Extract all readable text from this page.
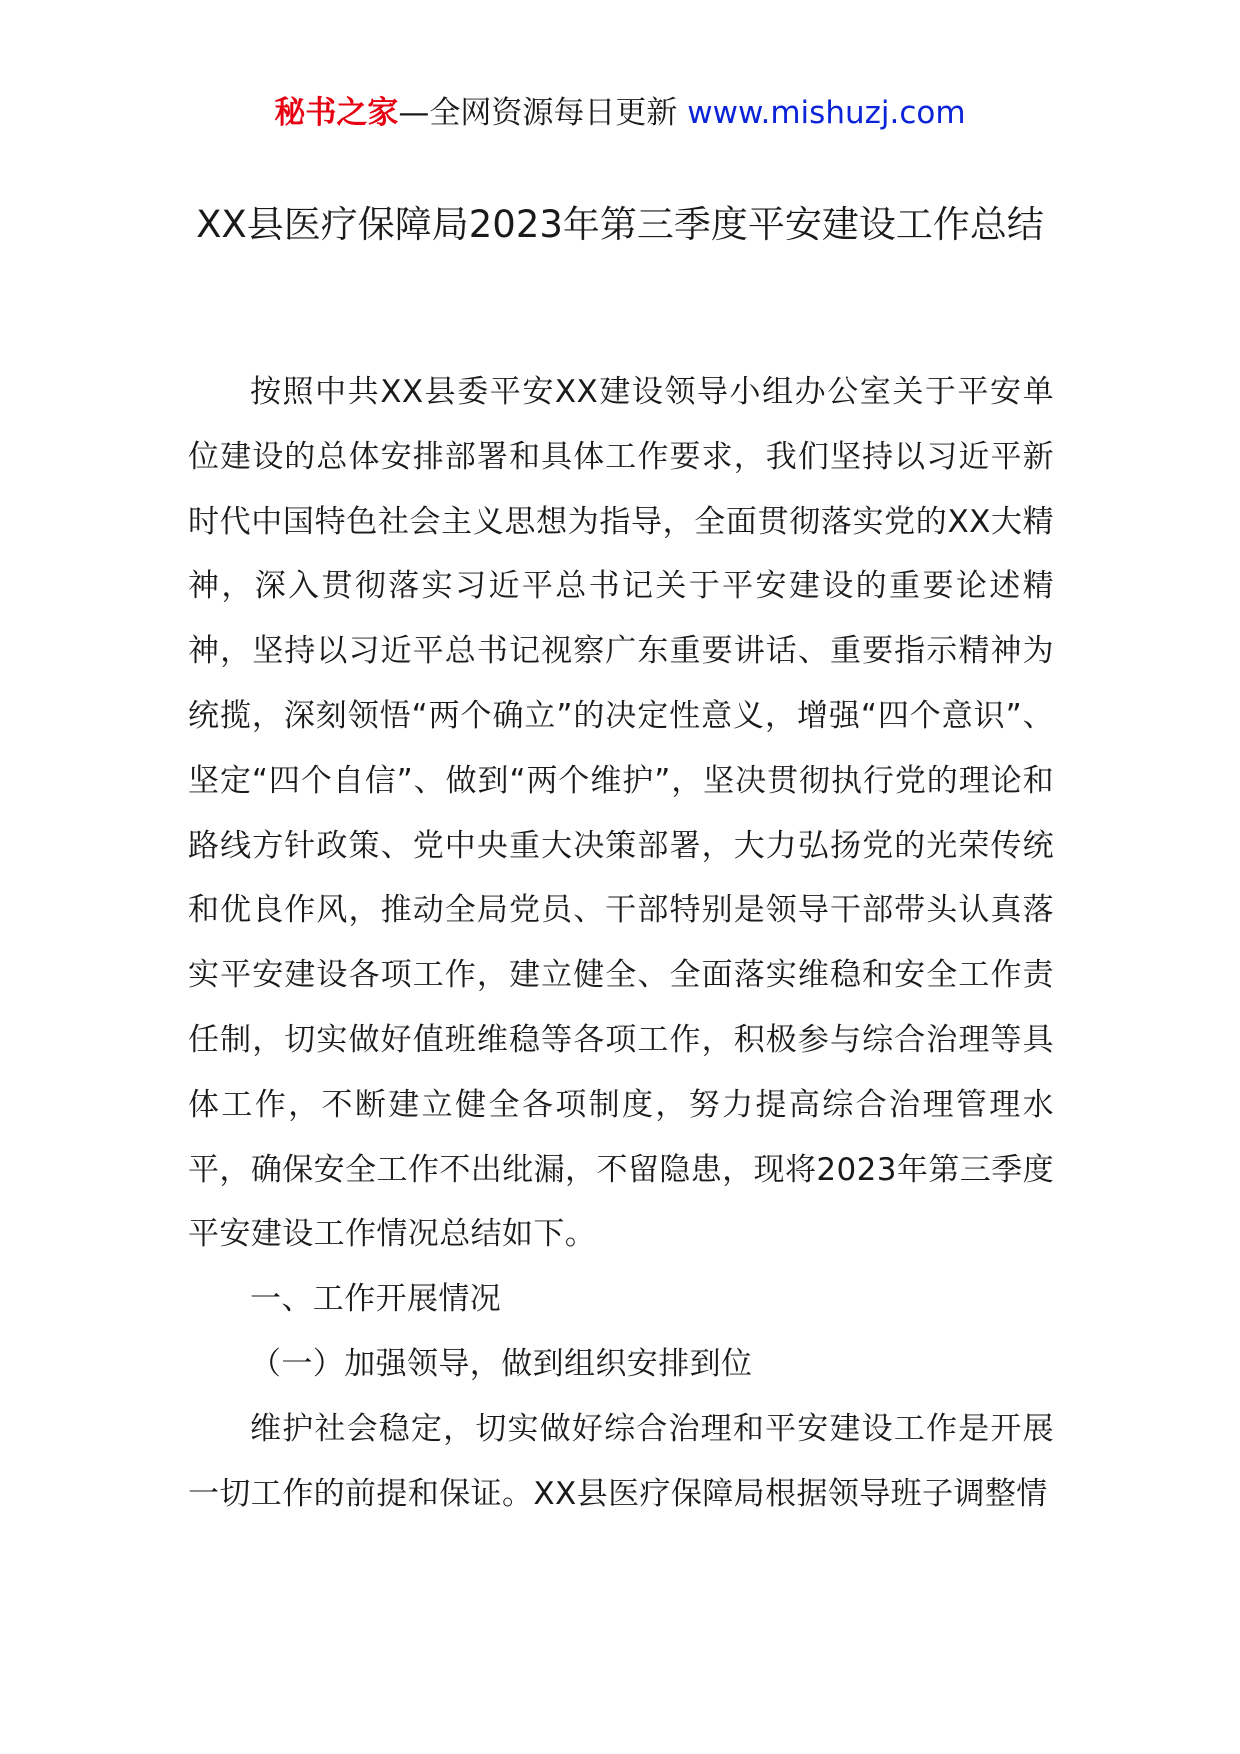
秘书之家—全网资源每日更新 www.mishuzj.com
XX县医疗保障局2023年第三季度平安建设工作总结

按照中共XX县委平安XX建设领导小组办公室关于平安单位建设的总体安排部署和具体工作要求，我们坚持以习近平新时代中国特色社会主义思想为指导，全面贯彻落实党的XX大精神，深入贯彻落实习近平总书记关于平安建设的重要论述精神，坚持以习近平总书记视察广东重要讲话、重要指示精神为统揽，深刻领悟“两个确立”的决定性意义，增强“四个意识”、坚定“四个自信”、做到“两个维护”，坚决贯彻执行党的理论和路线方针政策、党中央重大决策部署，大力弘扬党的光荣传统和优良作风，推动全局党员、干部特别是领导干部带头认真落实平安建设各项工作，建立健全、全面落实维稳和安全工作责任制，切实做好值班维稳等各项工作，积极参与综合治理等具体工作，不断建立健全各项制度，努力提高综合治理管理水平，确保安全工作不出纰漏，不留隐患，现将2023年第三季度平安建设工作情况总结如下。

一、工作开展情况

（一）加强领导，做到组织安排到位

维护社会稳定，切实做好综合治理和平安建设工作是开展一切工作的前提和保证。XX县医疗保障局根据领导班子调整情
